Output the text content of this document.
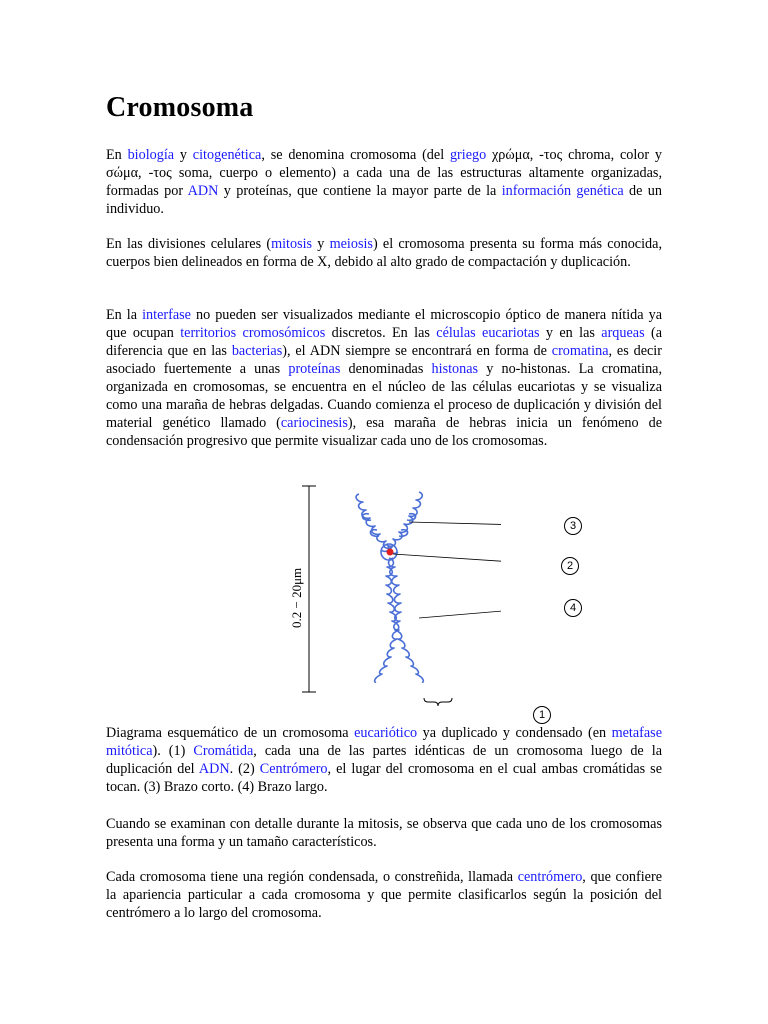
Cromosoma

En biología y citogenética, se denomina cromosoma (del griego χρώμα, -τος chroma, color y σώμα, -τος soma, cuerpo o elemento) a cada una de las estructuras altamente organizadas, formadas por ADN y proteínas, que contiene la mayor parte de la información genética de un individuo.

En las divisiones celulares (mitosis y meiosis) el cromosoma presenta su forma más conocida, cuerpos bien delineados en forma de X, debido al alto grado de compactación y duplicación.

En la interfase no pueden ser visualizados mediante el microscopio óptico de manera nítida ya que ocupan territorios cromosómicos discretos. En las células eucariotas y en las arqueas (a diferencia que en las bacterias), el ADN siempre se encontrará en forma de cromatina, es decir asociado fuertemente a unas proteínas denominadas histonas y no-histonas. La cromatina, organizada en cromosomas, se encuentra en el núcleo de las células eucariotas y se visualiza como una maraña de hebras delgadas. Cuando comienza el proceso de duplicación y división del material genético llamado (cariocinesis), esa maraña de hebras inicia un fenómeno de condensación progresivo que permite visualizar cada uno de los cromosomas.

0.2 − 20μm
3
2
4
1

Diagrama esquemático de un cromosoma eucariótico ya duplicado y condensado (en metafase mitótica). (1) Cromátida, cada una de las partes idénticas de un cromosoma luego de la duplicación del ADN. (2) Centrómero, el lugar del cromosoma en el cual ambas cromátidas se tocan. (3) Brazo corto. (4) Brazo largo.

Cuando se examinan con detalle durante la mitosis, se observa que cada uno de los cromosomas presenta una forma y un tamaño característicos.

Cada cromosoma tiene una región condensada, o constreñida, llamada centrómero, que confiere la apariencia particular a cada cromosoma y que permite clasificarlos según la posición del centrómero a lo largo del cromosoma.
